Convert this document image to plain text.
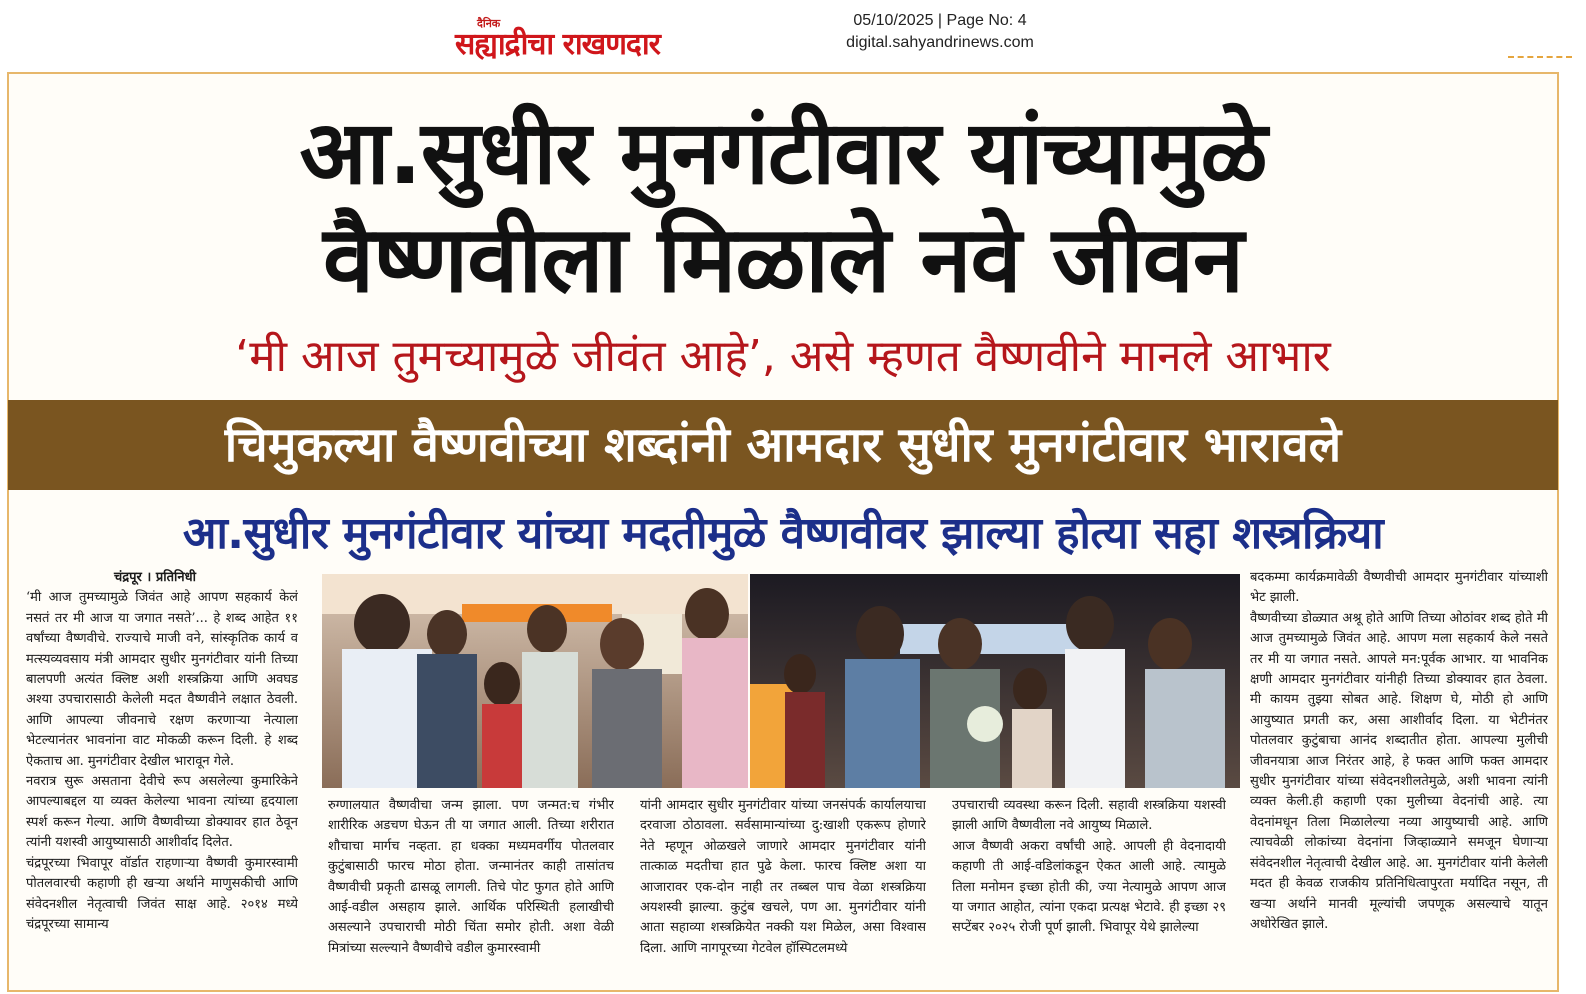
दैनिक
सह्याद्रीचा राखणदार
05/10/2025 | Page No: 4
digital.sahyandrinews.com
आ.सुधीर मुनगंटीवार यांच्यामुळे
वैष्णवीला मिळाले नवे जीवन
‘मी आज तुमच्यामुळे जीवंत आहे’, असे म्हणत वैष्णवीने मानले आभार
चिमुकल्या वैष्णवीच्या शब्दांनी आमदार सुधीर मुनगंटीवार भारावले
आ.सुधीर मुनगंटीवार यांच्या मदतीमुळे वैष्णवीवर झाल्या होत्या सहा शस्त्रक्रिया
चंद्रपूर । प्रतिनिधी

‘मी आज तुमच्यामुळे जिवंत आहे आपण सहकार्य केलं नसतं तर मी आज या जगात नसते’... हे शब्द आहेत ११ वर्षांच्या वैष्णवीचे. राज्याचे माजी वने, सांस्कृतिक कार्य व मत्स्यव्यवसाय मंत्री आमदार सुधीर मुनगंटीवार यांनी तिच्या बालपणी अत्यंत क्लिष्ट अशी शस्त्रक्रिया आणि अवघड अश्या उपचारासाठी केलेली मदत वैष्णवीने लक्षात ठेवली. आणि आपल्या जीवनाचे रक्षण करणाऱ्या नेत्याला भेटल्यानंतर भावनांना वाट मोकळी करून दिली. हे शब्द ऐकताच आ. मुनगंटीवार देखील भारावून गेले.

नवरात्र सुरू असताना देवीचे रूप असलेल्या कुमारिकेने आपल्याबद्दल या व्यक्त केलेल्या भावना त्यांच्या हृदयाला स्पर्श करून गेल्या. आणि वैष्णवीच्या डोक्यावर हात ठेवून त्यांनी यशस्वी आयुष्यासाठी आशीर्वाद दिलेत.

चंद्रपूरच्या भिवापूर वॉर्डात राहणाऱ्या वैष्णवी कुमारस्वामी पोतलवारची कहाणी ही खऱ्या अर्थाने माणुसकीची आणि संवेदनशील नेतृत्वाची जिवंत साक्ष आहे. २०१४ मध्ये चंद्रपूरच्या सामान्य

रुग्णालयात वैष्णवीचा जन्म झाला. पण जन्मत:च गंभीर शारीरिक अडचण घेऊन ती या जगात आली. तिच्या शरीरात शौचाचा मार्गच नव्हता. हा धक्का मध्यमवर्गीय पोतलवार कुटुंबासाठी फारच मोठा होता. जन्मानंतर काही तासांतच वैष्णवीची प्रकृती ढासळू लागली. तिचे पोट फुगत होते आणि आई-वडील असहाय झाले. आर्थिक परिस्थिती हलाखीची असल्याने उपचाराची मोठी चिंता समोर होती. अशा वेळी मित्रांच्या सल्ल्याने वैष्णवीचे वडील कुमारस्वामी

यांनी आमदार सुधीर मुनगंटीवार यांच्या जनसंपर्क कार्यालयाचा दरवाजा ठोठावला. सर्वसामान्यांच्या दु:खाशी एकरूप होणारे नेते म्हणून ओळखले जाणारे आमदार मुनगंटीवार यांनी तात्काळ मदतीचा हात पुढे केला. फारच क्लिष्ट अशा या आजारावर एक-दोन नाही तर तब्बल पाच वेळा शस्त्रक्रिया अयशस्वी झाल्या. कुटुंब खचले, पण आ. मुनगंटीवार यांनी आता सहाव्या शस्त्रक्रियेत नक्की यश मिळेल, असा विश्वास दिला. आणि नागपूरच्या गेटवेल हॉस्पिटलमध्ये

उपचाराची व्यवस्था करून दिली. सहावी शस्त्रक्रिया यशस्वी झाली आणि वैष्णवीला नवे आयुष्य मिळाले.

आज वैष्णवी अकरा वर्षांची आहे. आपली ही वेदनादायी कहाणी ती आई-वडिलांकडून ऐकत आली आहे. त्यामुळे तिला मनोमन इच्छा होती की, ज्या नेत्यामुळे आपण आज या जगात आहोत, त्यांना एकदा प्रत्यक्ष भेटावे. ही इच्छा २९ सप्टेंबर २०२५ रोजी पूर्ण झाली. भिवापूर येथे झालेल्या

बदकम्मा कार्यक्रमावेळी वैष्णवीची आमदार मुनगंटीवार यांच्याशी भेट झाली.

वैष्णवीच्या डोळ्यात अश्रू होते आणि तिच्या ओठांवर शब्द होते मी आज तुमच्यामुळे जिवंत आहे. आपण मला सहकार्य केले नसते तर मी या जगात नसते. आपले मन:पूर्वक आभार. या भावनिक क्षणी आमदार मुनगंटीवार यांनीही तिच्या डोक्यावर हात ठेवला. मी कायम तुझ्या सोबत आहे. शिक्षण घे, मोठी हो आणि आयुष्यात प्रगती कर, असा आशीर्वाद दिला. या भेटीनंतर पोतलवार कुटुंबाचा आनंद शब्दातीत होता. आपल्या मुलीची जीवनयात्रा आज निरंतर आहे, हे फक्त आणि फक्त आमदार सुधीर मुनगंटीवार यांच्या संवेदनशीलतेमुळे, अशी भावना त्यांनी व्यक्त केली.ही कहाणी एका मुलीच्या वेदनांची आहे. त्या वेदनांमधून तिला मिळालेल्या नव्या आयुष्याची आहे. आणि त्याचवेळी लोकांच्या वेदनांना जिव्हाळ्याने समजून घेणाऱ्या संवेदनशील नेतृत्वाची देखील आहे. आ. मुनगंटीवार यांनी केलेली मदत ही केवळ राजकीय प्रतिनिधित्वापुरता मर्यादित नसून, ती खऱ्या अर्थाने मानवी मूल्यांची जपणूक असल्याचे यातून अधोरेखित झाले.
